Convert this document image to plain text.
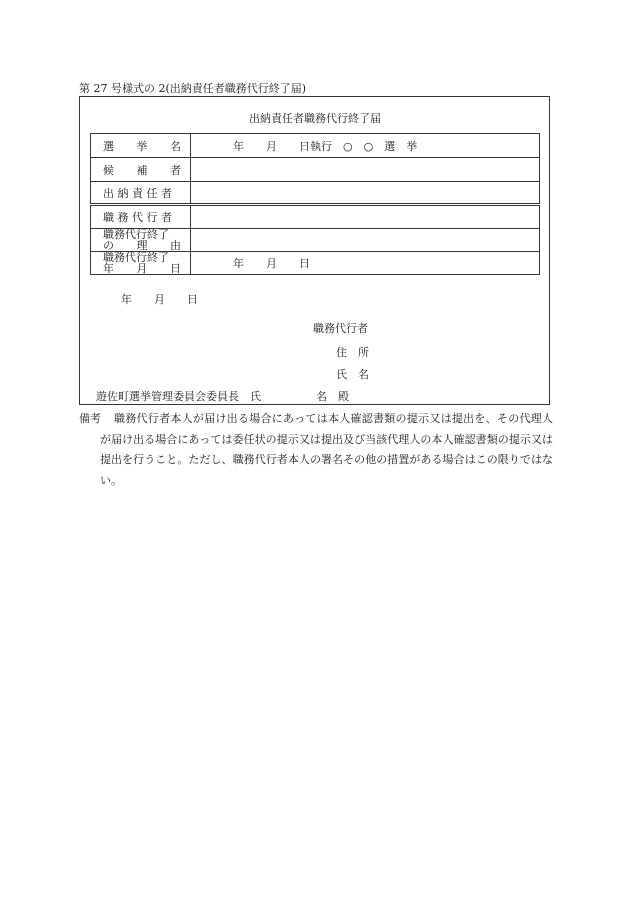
第 27 号様式の 2(出納責任者職務代行終了届)
出納責任者職務代行終了届
選 挙 名	年　　月　　日執行　○　○　選　挙

候 補 者	

出 納 責 任 者	
職 務 代 行 者	

職務代行終了
の 理 由	

職務代行終了
年 月 日	年　　月　　日
年　　月　　日
職務代行者
住　所
氏　名
遊佐町選挙管理委員会委員長　氏　　　　　名　殿
備考	職務代行者本人が届け出る場合にあっては本人確認書類の提示又は提出を、その代理人が届け出る場合にあっては委任状の提示又は提出及び当該代理人の本人確認書類の提示又は提出を行うこと。ただし、職務代行者本人の署名その他の措置がある場合はこの限りではない。
